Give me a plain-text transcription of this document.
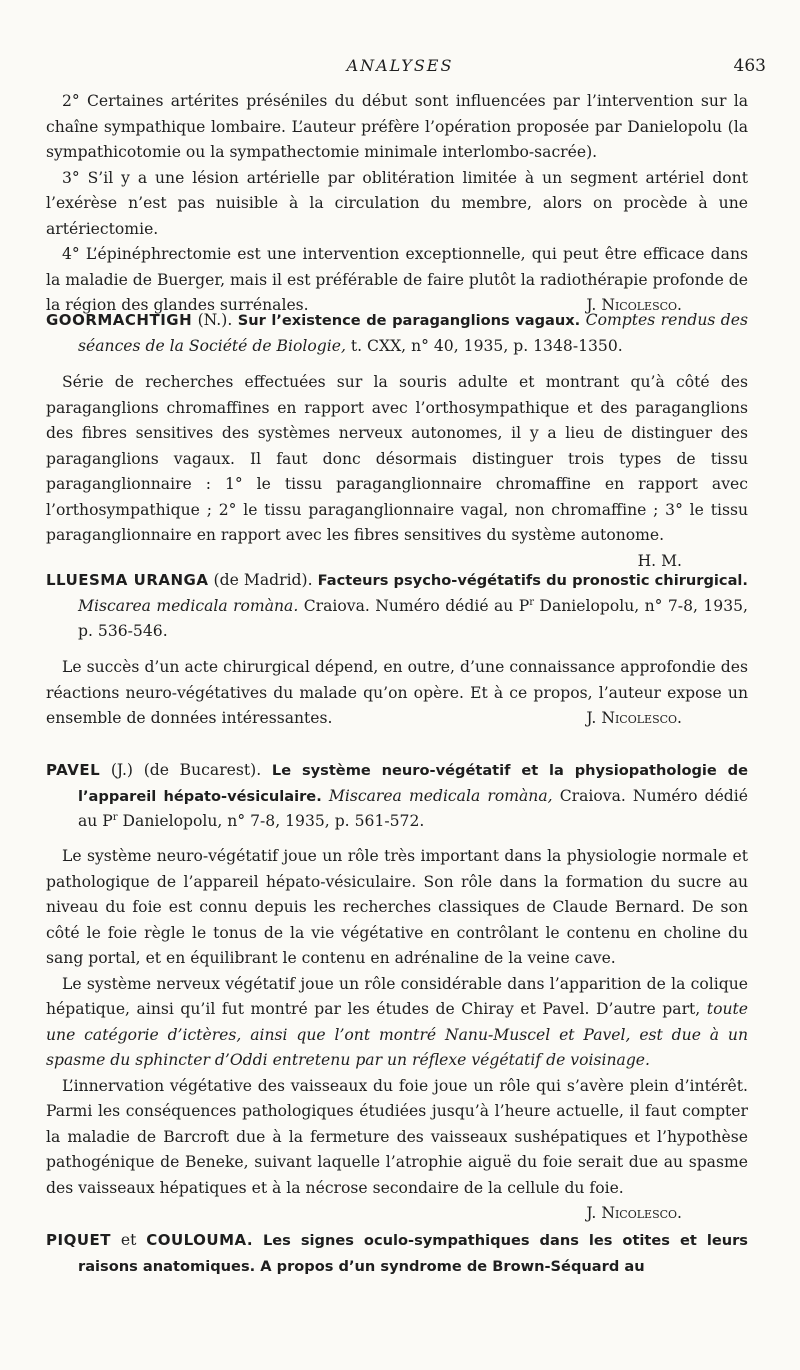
ANALYSES	463

2° Certaines artérites préséniles du début sont influencées par l’intervention sur la chaîne sympathique lombaire. L’auteur préfère l’opération proposée par Danielopolu (la sympathicotomie ou la sympathectomie minimale interlombo-sacrée).

3° S’il y a une lésion artérielle par oblitération limitée à un segment artériel dont l’exérèse n’est pas nuisible à la circulation du membre, alors on procède à une artériectomie.

4° L’épinéphrectomie est une intervention exceptionnelle, qui peut être efficace dans la maladie de Buerger, mais il est préférable de faire plutôt la radiothérapie profonde de la région des glandes surrénales.	J. Nicolesco.

GOORMACHTIGH (N.). Sur l’existence de paraganglions vagaux. Comptes rendus des séances de la Société de Biologie, t. CXX, n° 40, 1935, p. 1348-1350.

Série de recherches effectuées sur la souris adulte et montrant qu’à côté des paraganglions chromaffines en rapport avec l’orthosympathique et des paraganglions des fibres sensitives des systèmes nerveux autonomes, il y a lieu de distinguer des paraganglions vagaux. Il faut donc désormais distinguer trois types de tissu paraganglionnaire : 1° le tissu paraganglionnaire chromaffine en rapport avec l’orthosympathique ; 2° le tissu paraganglionnaire vagal, non chromaffine ; 3° le tissu paraganglionnaire en rapport avec les fibres sensitives du système autonome.
H. M.

LLUESMA URANGA (de Madrid). Facteurs psycho-végétatifs du pronostic chirurgical. Miscarea medicala romàna. Craiova. Numéro dédié au $P^r$ Danielopolu, n° 7-8, 1935, p. 536-546.

Le succès d’un acte chirurgical dépend, en outre, d’une connaissance approfondie des réactions neuro-végétatives du malade qu’on opère. Et à ce propos, l’auteur expose un ensemble de données intéressantes.	J. Nicolesco.

PAVEL (J.) (de Bucarest). Le système neuro-végétatif et la physiopathologie de l’appareil hépato-vésiculaire. Miscarea medicala romàna, Craiova. Numéro dédié au $P^r$ Danielopolu, n° 7-8, 1935, p. 561-572.

Le système neuro-végétatif joue un rôle très important dans la physiologie normale et pathologique de l’appareil hépato-vésiculaire. Son rôle dans la formation du sucre au niveau du foie est connu depuis les recherches classiques de Claude Bernard. De son côté le foie règle le tonus de la vie végétative en contrôlant le contenu en choline du sang portal, et en équilibrant le contenu en adrénaline de la veine cave.

Le système nerveux végétatif joue un rôle considérable dans l’apparition de la colique hépatique, ainsi qu’il fut montré par les études de Chiray et Pavel. D’autre part, toute une catégorie d’ictères, ainsi que l’ont montré Nanu-Muscel et Pavel, est due à un spasme du sphincter d’Oddi entretenu par un réflexe végétatif de voisinage.

L’innervation végétative des vaisseaux du foie joue un rôle qui s’avère plein d’intérêt. Parmi les conséquences pathologiques étudiées jusqu’à l’heure actuelle, il faut compter la maladie de Barcroft due à la fermeture des vaisseaux sushépatiques et l’hypothèse pathogénique de Beneke, suivant laquelle l’atrophie aiguë du foie serait due au spasme des vaisseaux hépatiques et à la nécrose secondaire de la cellule du foie.

J. Nicolesco.

PIQUET et COULOUMA. Les signes oculo-sympathiques dans les otites et leurs raisons anatomiques. A propos d’un syndrome de Brown-Séquard au
